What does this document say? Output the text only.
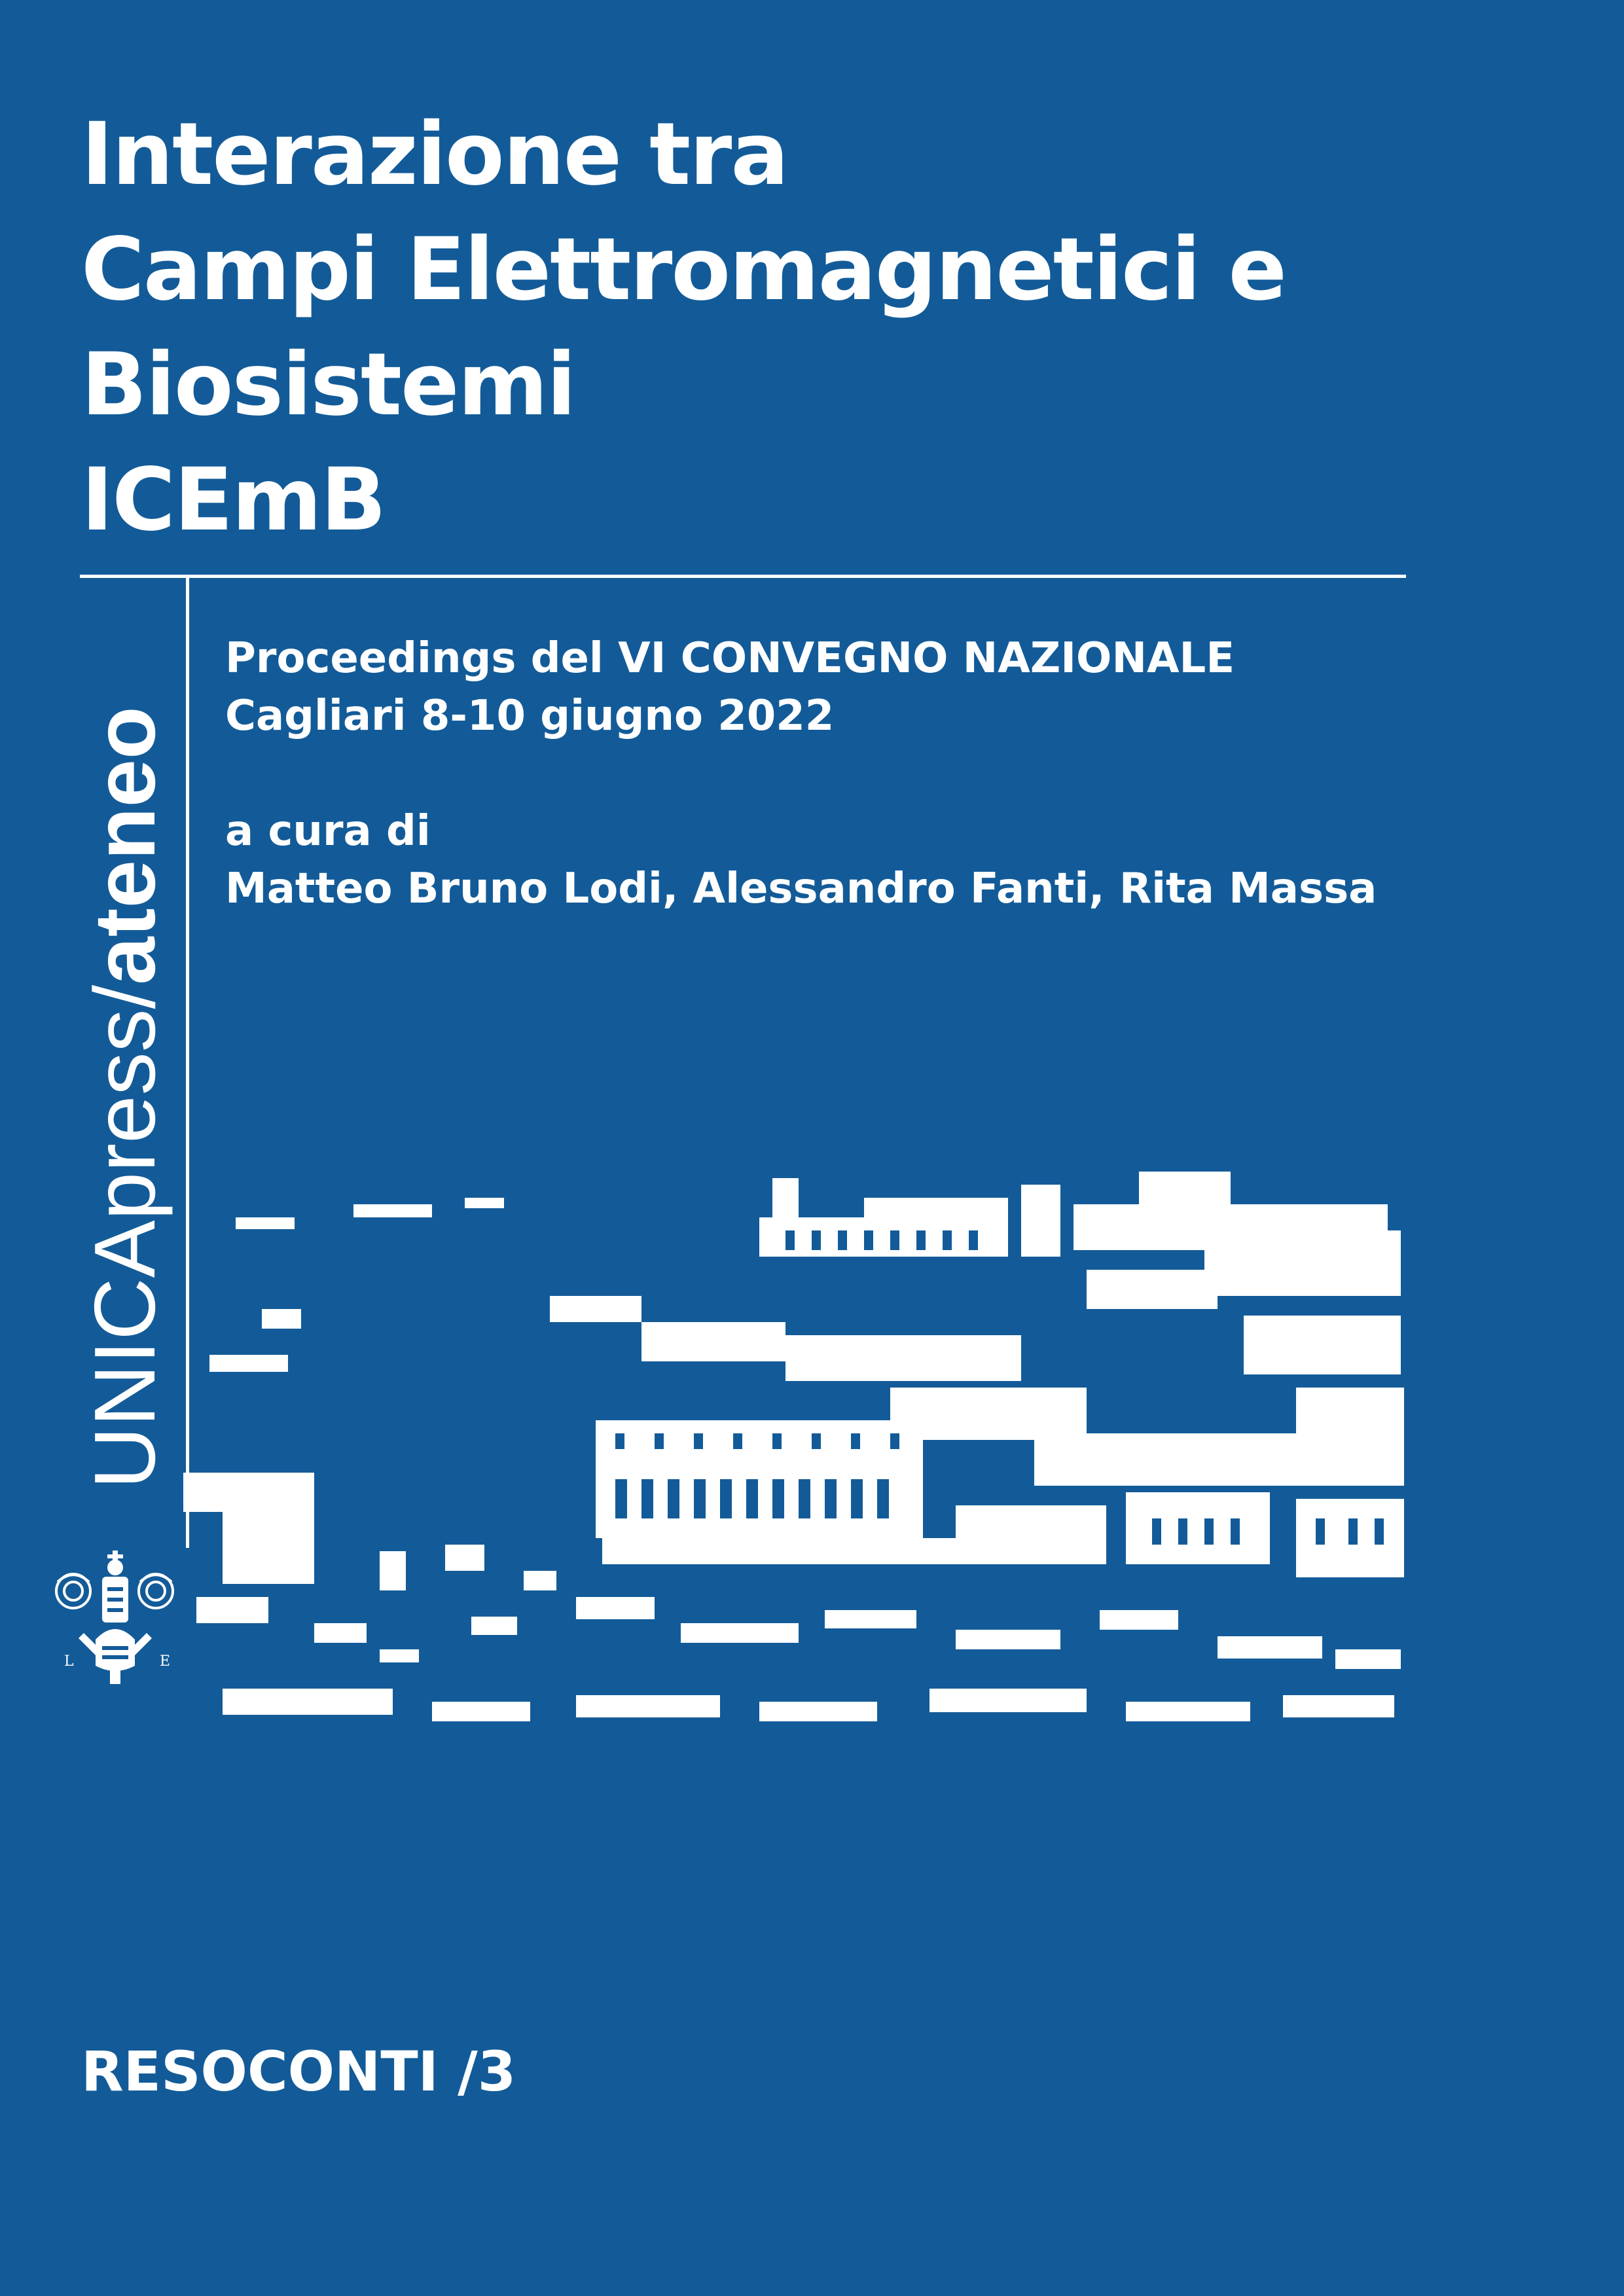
Interazione tra
Campi Elettromagnetici e
Biosistemi
ICEmB
UNICApress/ateneo
Proceedings del VI CONVEGNO NAZIONALE
Cagliari 8-10 giugno 2022
a cura di
Matteo Bruno Lodi, Alessandro Fanti, Rita Massa
L	E
RESOCONTI /3
